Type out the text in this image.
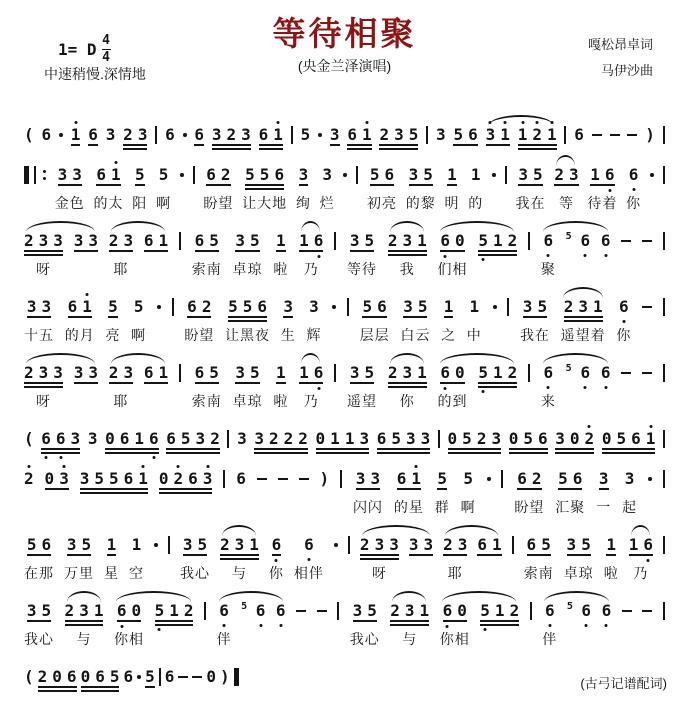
1= D 4
4
中速稍慢.深情地
等待相聚
(央金兰泽演唱)
嘎松昂卓词
马伊沙曲
( 6 1 6 3 2 3 6 6 3 2 3 6 1 5 3 6 1 2 3 5 3 5 6 3 1 1 2 1 6	)
3 3
金色
6 1
的太
5
阳
5
啊
6 2
盼望
5 5 6
让大地
3
绚
3
烂
5 6
初亮
3 5
的黎
1
明
1
的
3 5
我在
2 3
等
1 6
待着
6
你
2 3 3
呀
3 3 2 3
耶
6 1 6 5
索南
3 5
卓琼
1
啦
1 6
乃
3 5
等待
2 3 1
我
6 0
们相
5 1 2 6
聚
5 6 6
3 3
十五
6 1
的月
5
亮
5
啊
6 2
盼望
5 5 6
让黑夜
3
生
3
辉
5 6
层层
3 5
白云
1
之
1
中
3 5
我在
2 3 1
遥望着
6
你
2 3 3
呀
3 3 2 3
耶
6 1 6 5
索南
3 5
卓琼
1
啦
1 6
乃
3 5
遥望
2 3 1
你
6 0
的到
5 1 2 6
来
5 6 6
( 6 6 3 3 0 6 1 6 6 5 3 2 3 3 2 2 2 0 1 1 3 6 5 3 3 0 5 2 3 0 5 6 3 0 2 0 5 6 1
2 0 3 3 5 5 6 1 0 2 6 3 6	) 3 3
闪闪
6 1
的星
5
群
5
啊
6 2
盼望
5 6
汇聚
3
一
3
起
5 6
在那
3 5
万里
1
星
1
空
3 5
我心
2 3 1
与
6
你
6
相伴
2 3 3
呀
3 3 2 3
耶
6 1 6 5
索南
3 5
卓琼
1
啦
1 6
乃
3 5
我心
2 3 1
与
6 0
你相
5 1 2 6
伴
5 6 6	3 5
我心
2 3 1
与
6 0
你相
5 1 2 6
伴
5 6 6
( 2 0 6 0 6 5 6 5 6 0 )	(古弓记谱配词)
